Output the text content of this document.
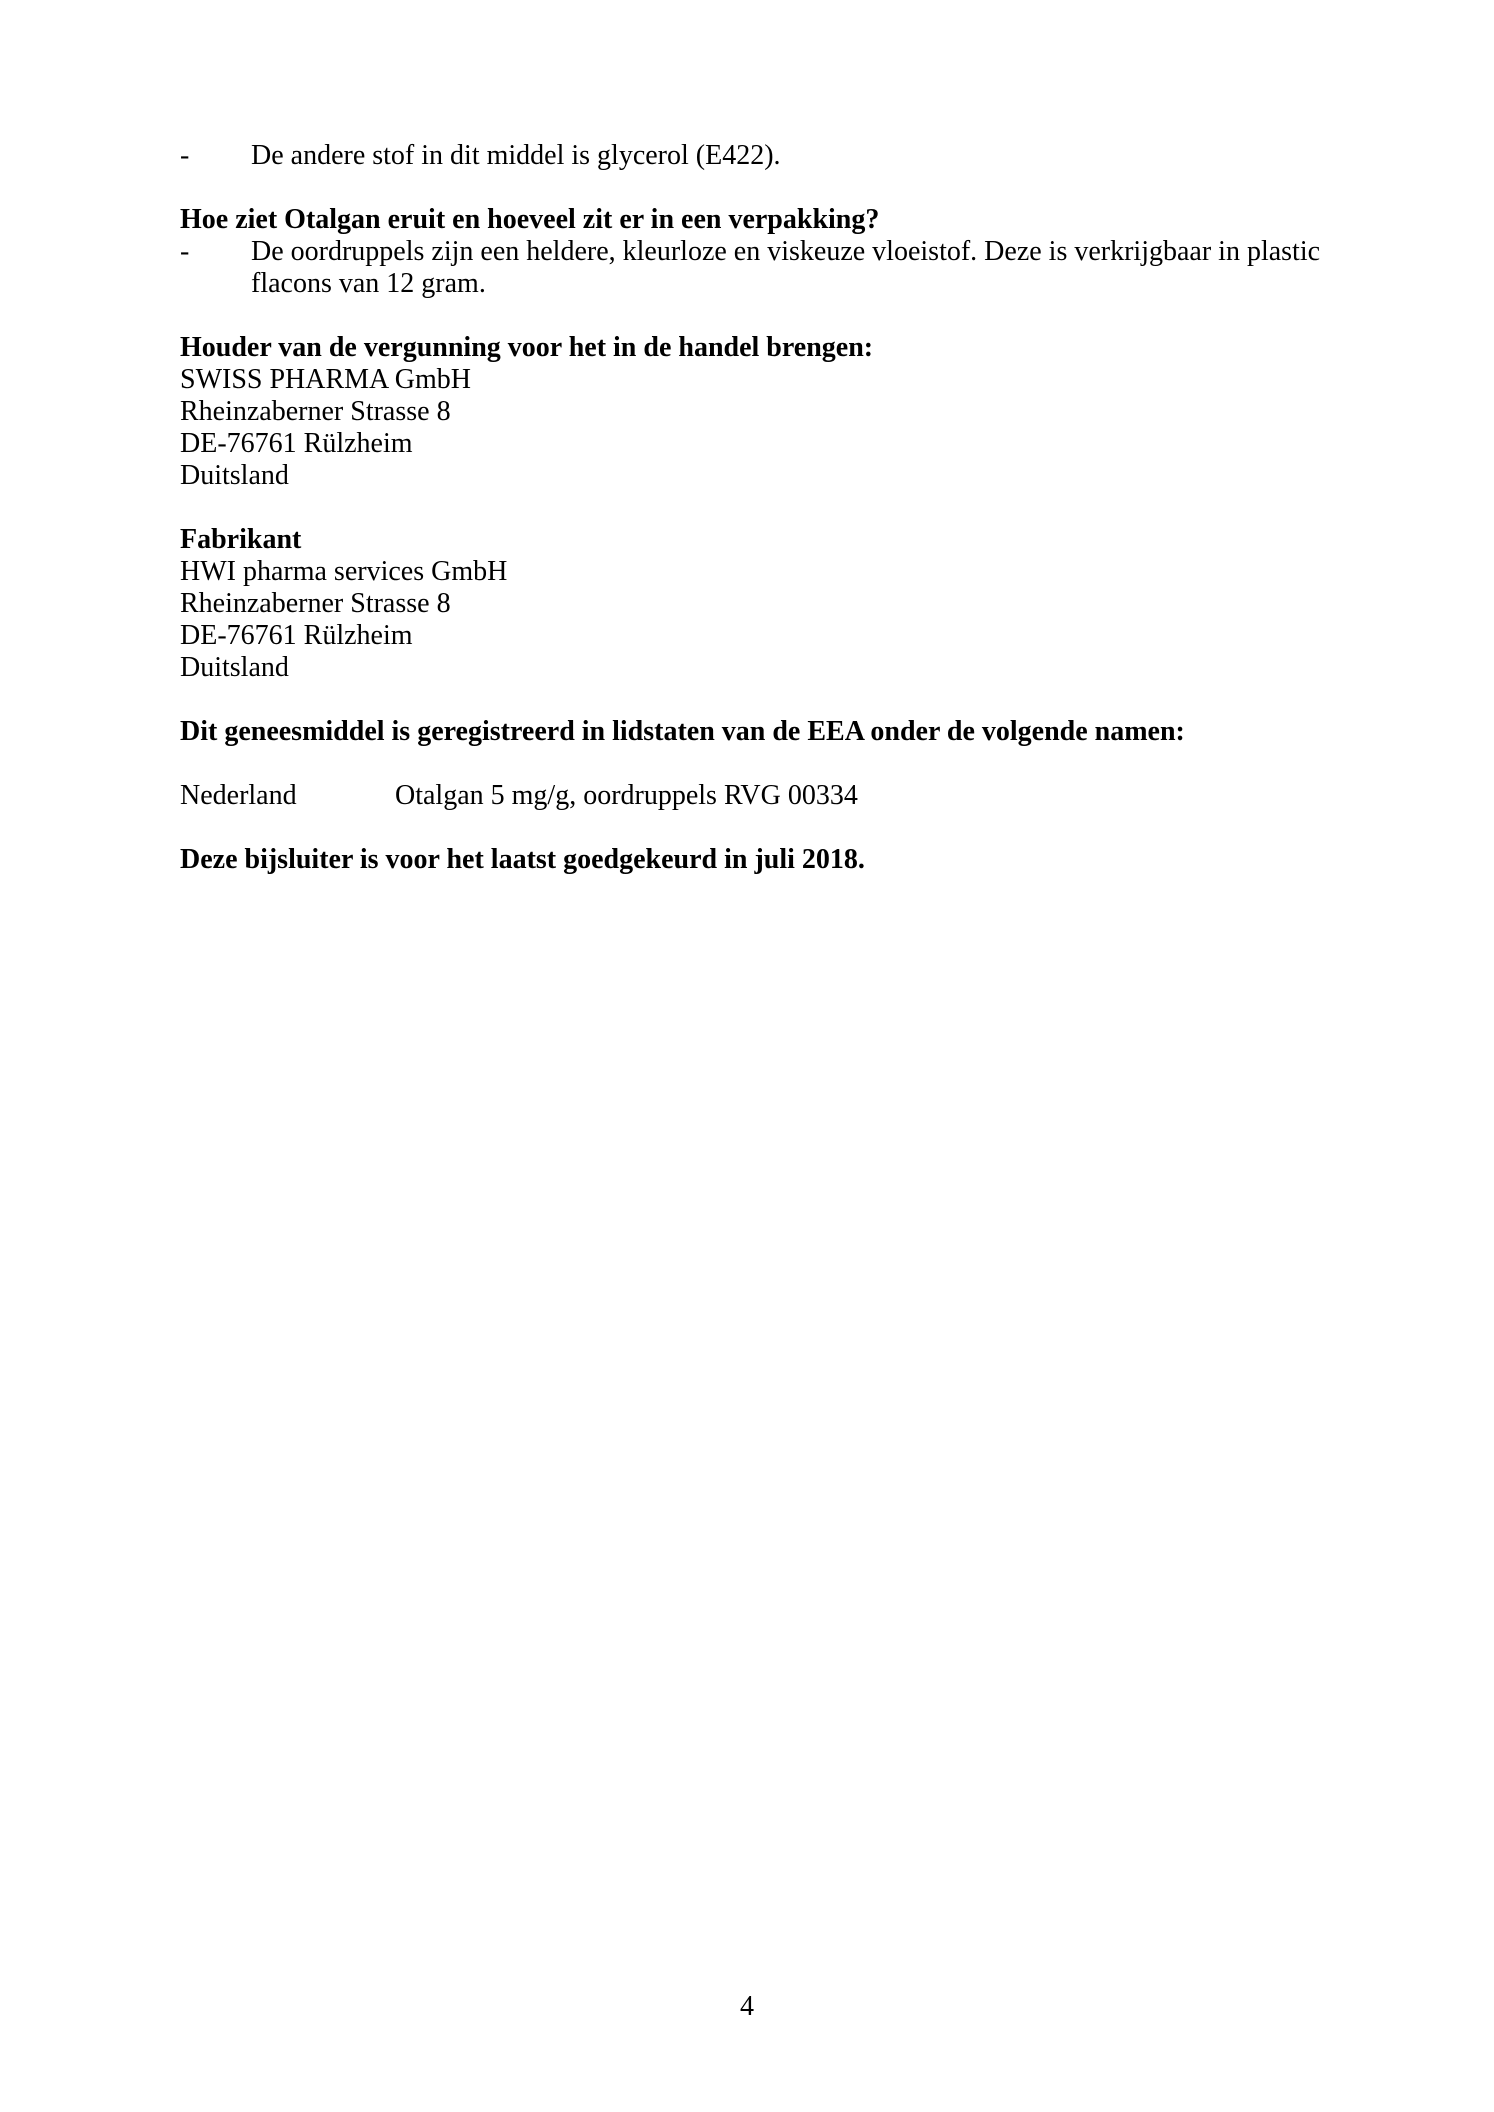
-	De andere stof in dit middel is glycerol (E422).
Hoe ziet Otalgan eruit en hoeveel zit er in een verpakking?
-	De oordruppels zijn een heldere, kleurloze en viskeuze vloeistof. Deze is verkrijgbaar in plastic
flacons van 12 gram.
Houder van de vergunning voor het in de handel brengen:
SWISS PHARMA GmbH
Rheinzaberner Strasse 8
DE-76761 Rülzheim
Duitsland
Fabrikant
HWI pharma services GmbH
Rheinzaberner Strasse 8
DE-76761 Rülzheim
Duitsland
Dit geneesmiddel is geregistreerd in lidstaten van de EEA onder de volgende namen:
Nederland	Otalgan 5 mg/g, oordruppels RVG 00334
Deze bijsluiter is voor het laatst goedgekeurd in juli 2018.
4
